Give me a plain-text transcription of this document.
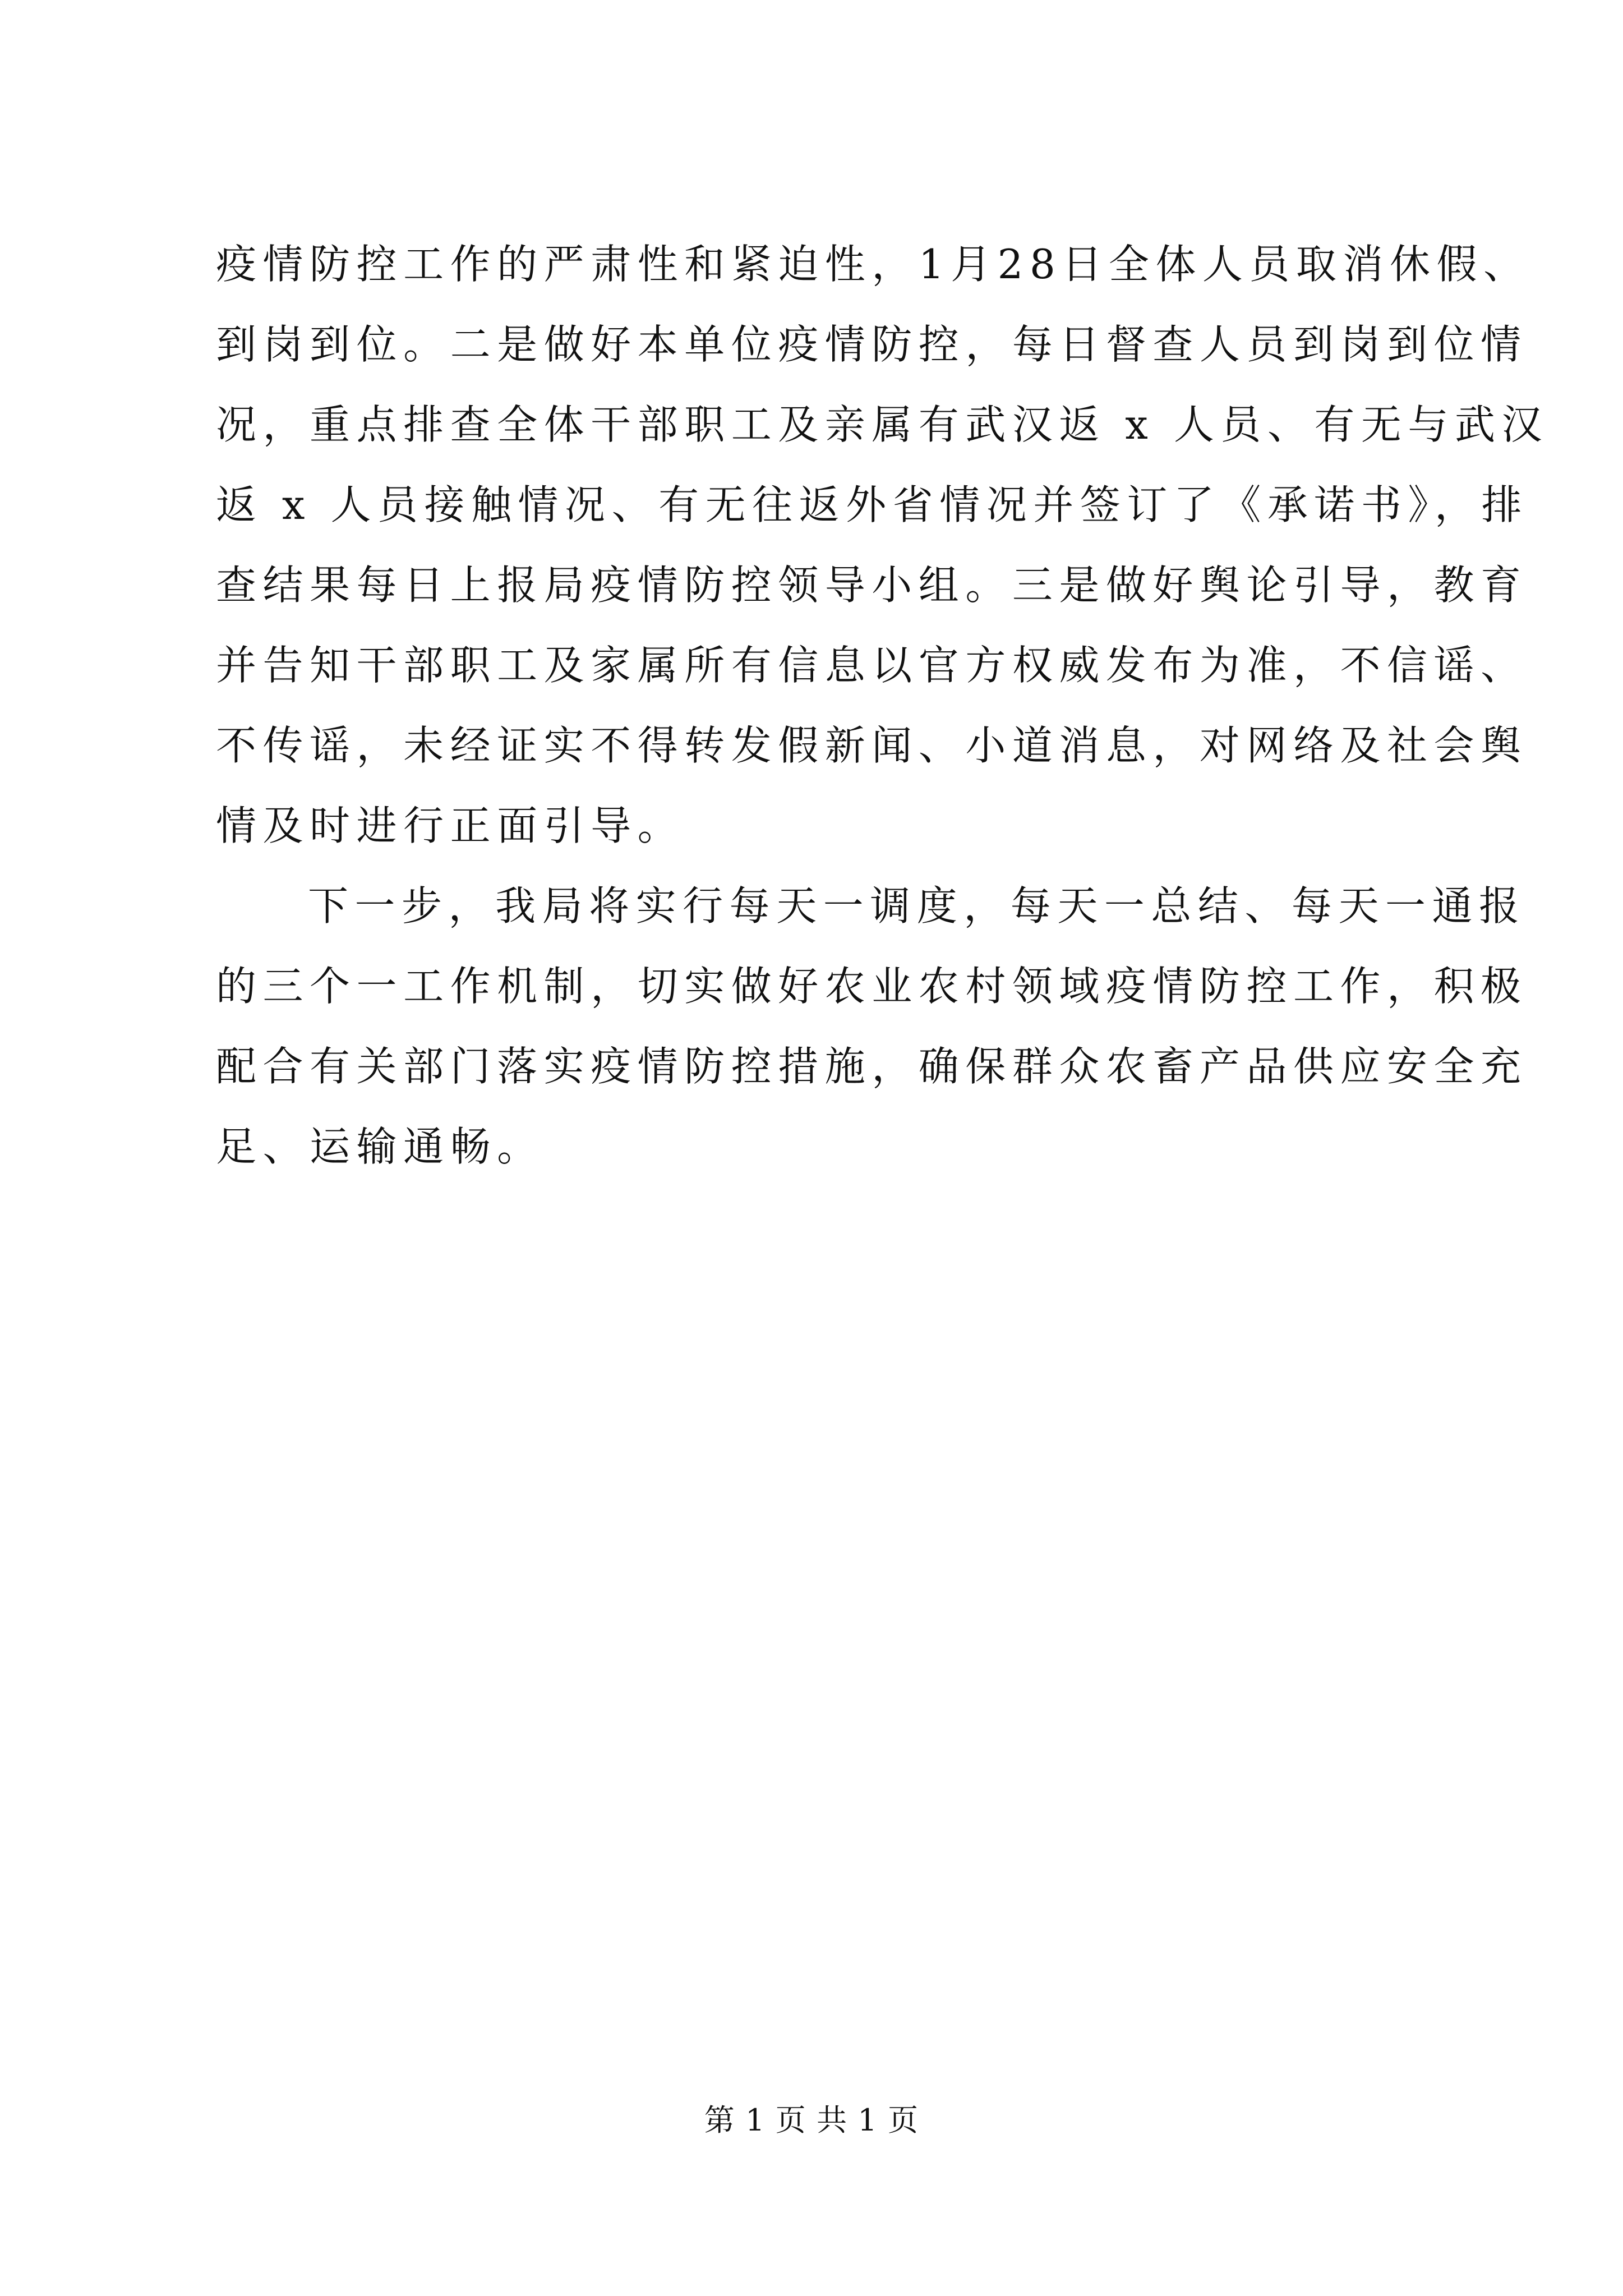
疫情防控工作的严肃性和紧迫性，1月28日全体人员取消休假、
到岗到位。二是做好本单位疫情防控，每日督查人员到岗到位情
况，重点排查全体干部职工及亲属有武汉返 x 人员、有无与武汉
返 x 人员接触情况、有无往返外省情况并签订了《承诺书》，排
查结果每日上报局疫情防控领导小组。三是做好舆论引导，教育
并告知干部职工及家属所有信息以官方权威发布为准，不信谣、
不传谣，未经证实不得转发假新闻、小道消息，对网络及社会舆
情及时进行正面引导。
下一步，我局将实行每天一调度，每天一总结、每天一通报
的三个一工作机制，切实做好农业农村领域疫情防控工作，积极
配合有关部门落实疫情防控措施，确保群众农畜产品供应安全充
足、运输通畅。
第 1 页 共 1 页
